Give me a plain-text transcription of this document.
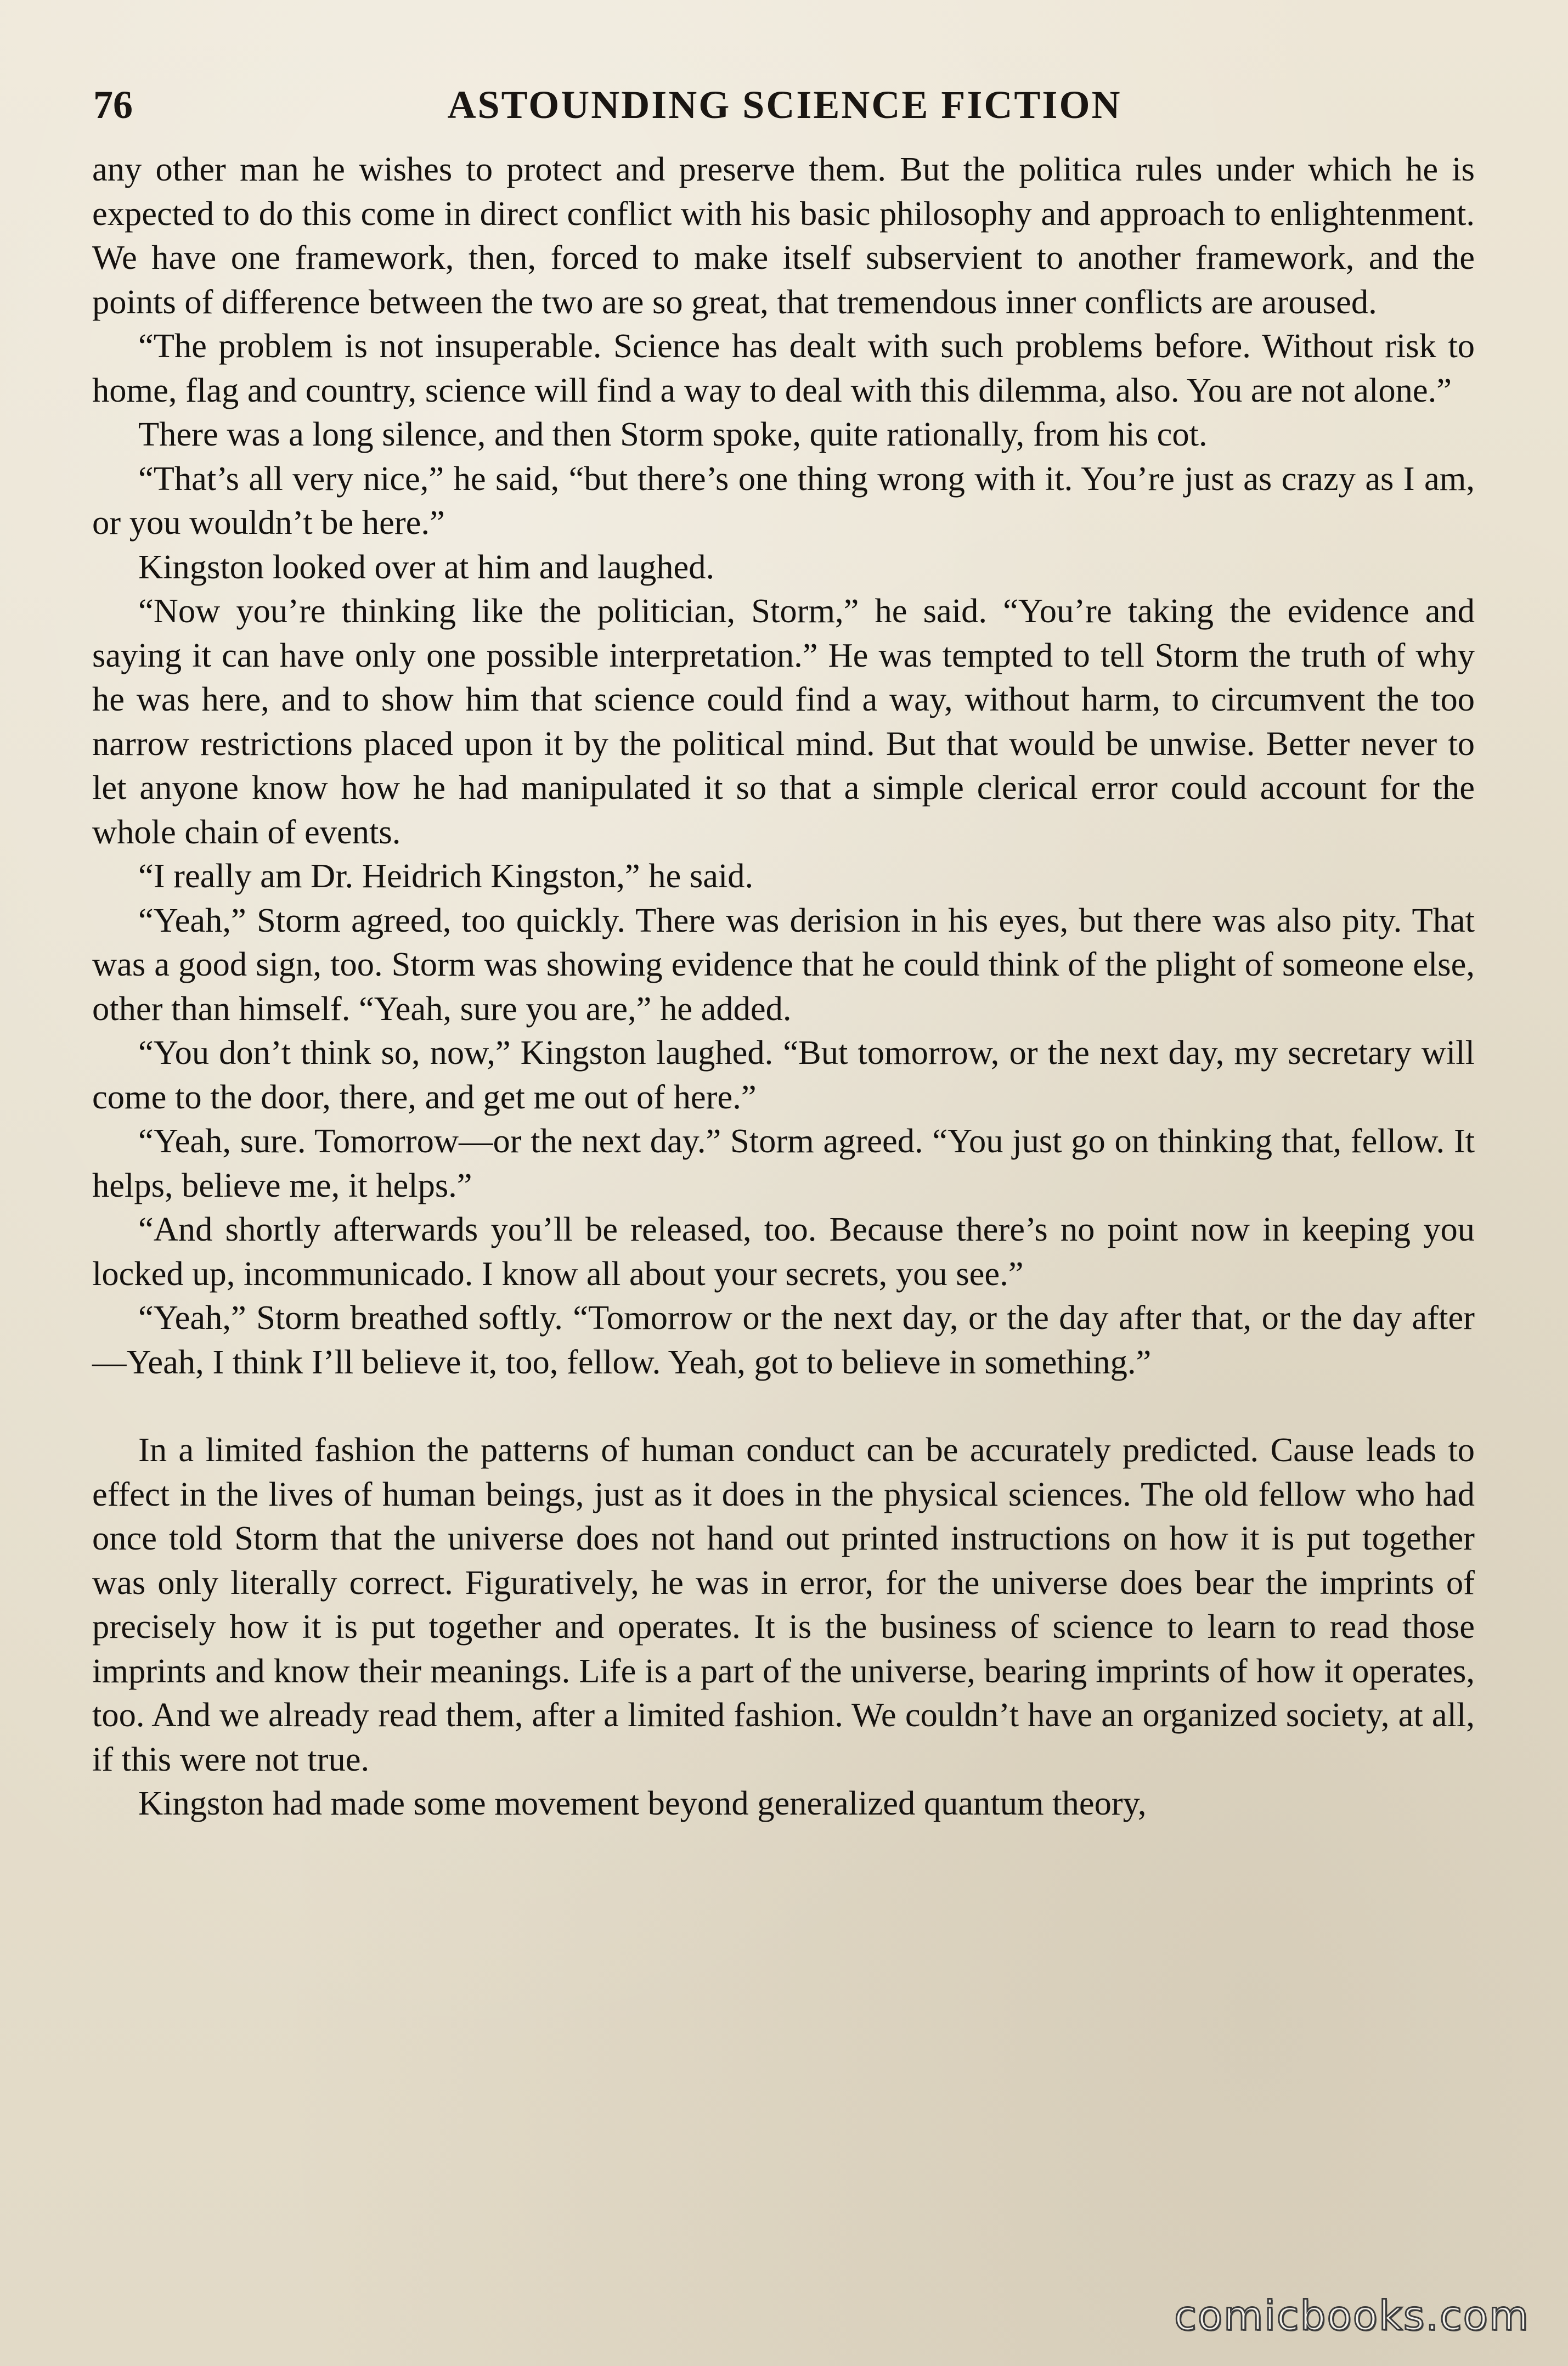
76	ASTOUNDING SCIENCE FICTION

any other man he wishes to protect and preserve them. But the politica rules under which he is expected to do this come in direct conflict with his basic philosophy and approach to enlightenment. We have one framework, then, forced to make itself subservient to another framework, and the points of difference between the two are so great, that tremendous inner conflicts are aroused.

“The problem is not insuperable. Science has dealt with such problems before. Without risk to home, flag and country, science will find a way to deal with this dilemma, also. You are not alone.”

There was a long silence, and then Storm spoke, quite rationally, from his cot.

“That’s all very nice,” he said, “but there’s one thing wrong with it. You’re just as crazy as I am, or you wouldn’t be here.”

Kingston looked over at him and laughed.

“Now you’re thinking like the politician, Storm,” he said. “You’re taking the evidence and saying it can have only one possible interpretation.” He was tempted to tell Storm the truth of why he was here, and to show him that science could find a way, without harm, to circumvent the too narrow restrictions placed upon it by the political mind. But that would be unwise. Better never to let anyone know how he had manipulated it so that a simple clerical error could account for the whole chain of events.

“I really am Dr. Heidrich Kingston,” he said.

“Yeah,” Storm agreed, too quickly. There was derision in his eyes, but there was also pity. That was a good sign, too. Storm was showing evidence that he could think of the plight of someone else, other than himself. “Yeah, sure you are,” he added.

“You don’t think so, now,” Kingston laughed. “But tomorrow, or the next day, my secretary will come to the door, there, and get me out of here.”

“Yeah, sure. Tomorrow—or the next day.” Storm agreed. “You just go on thinking that, fellow. It helps, believe me, it helps.”

“And shortly afterwards you’ll be released, too. Because there’s no point now in keeping you locked up, incommunicado. I know all about your secrets, you see.”

“Yeah,” Storm breathed softly. “Tomorrow or the next day, or the day after that, or the day after—Yeah, I think I’ll believe it, too, fellow. Yeah, got to believe in something.”

In a limited fashion the patterns of human conduct can be accurately predicted. Cause leads to effect in the lives of human beings, just as it does in the physical sciences. The old fellow who had once told Storm that the universe does not hand out printed instructions on how it is put together was only literally correct. Figuratively, he was in error, for the universe does bear the imprints of precisely how it is put together and operates. It is the business of science to learn to read those imprints and know their meanings. Life is a part of the universe, bearing imprints of how it operates, too. And we already read them, after a limited fashion. We couldn’t have an organized society, at all, if this were not true.

Kingston had made some movement beyond generalized quantum theory,

comicbooks.com
